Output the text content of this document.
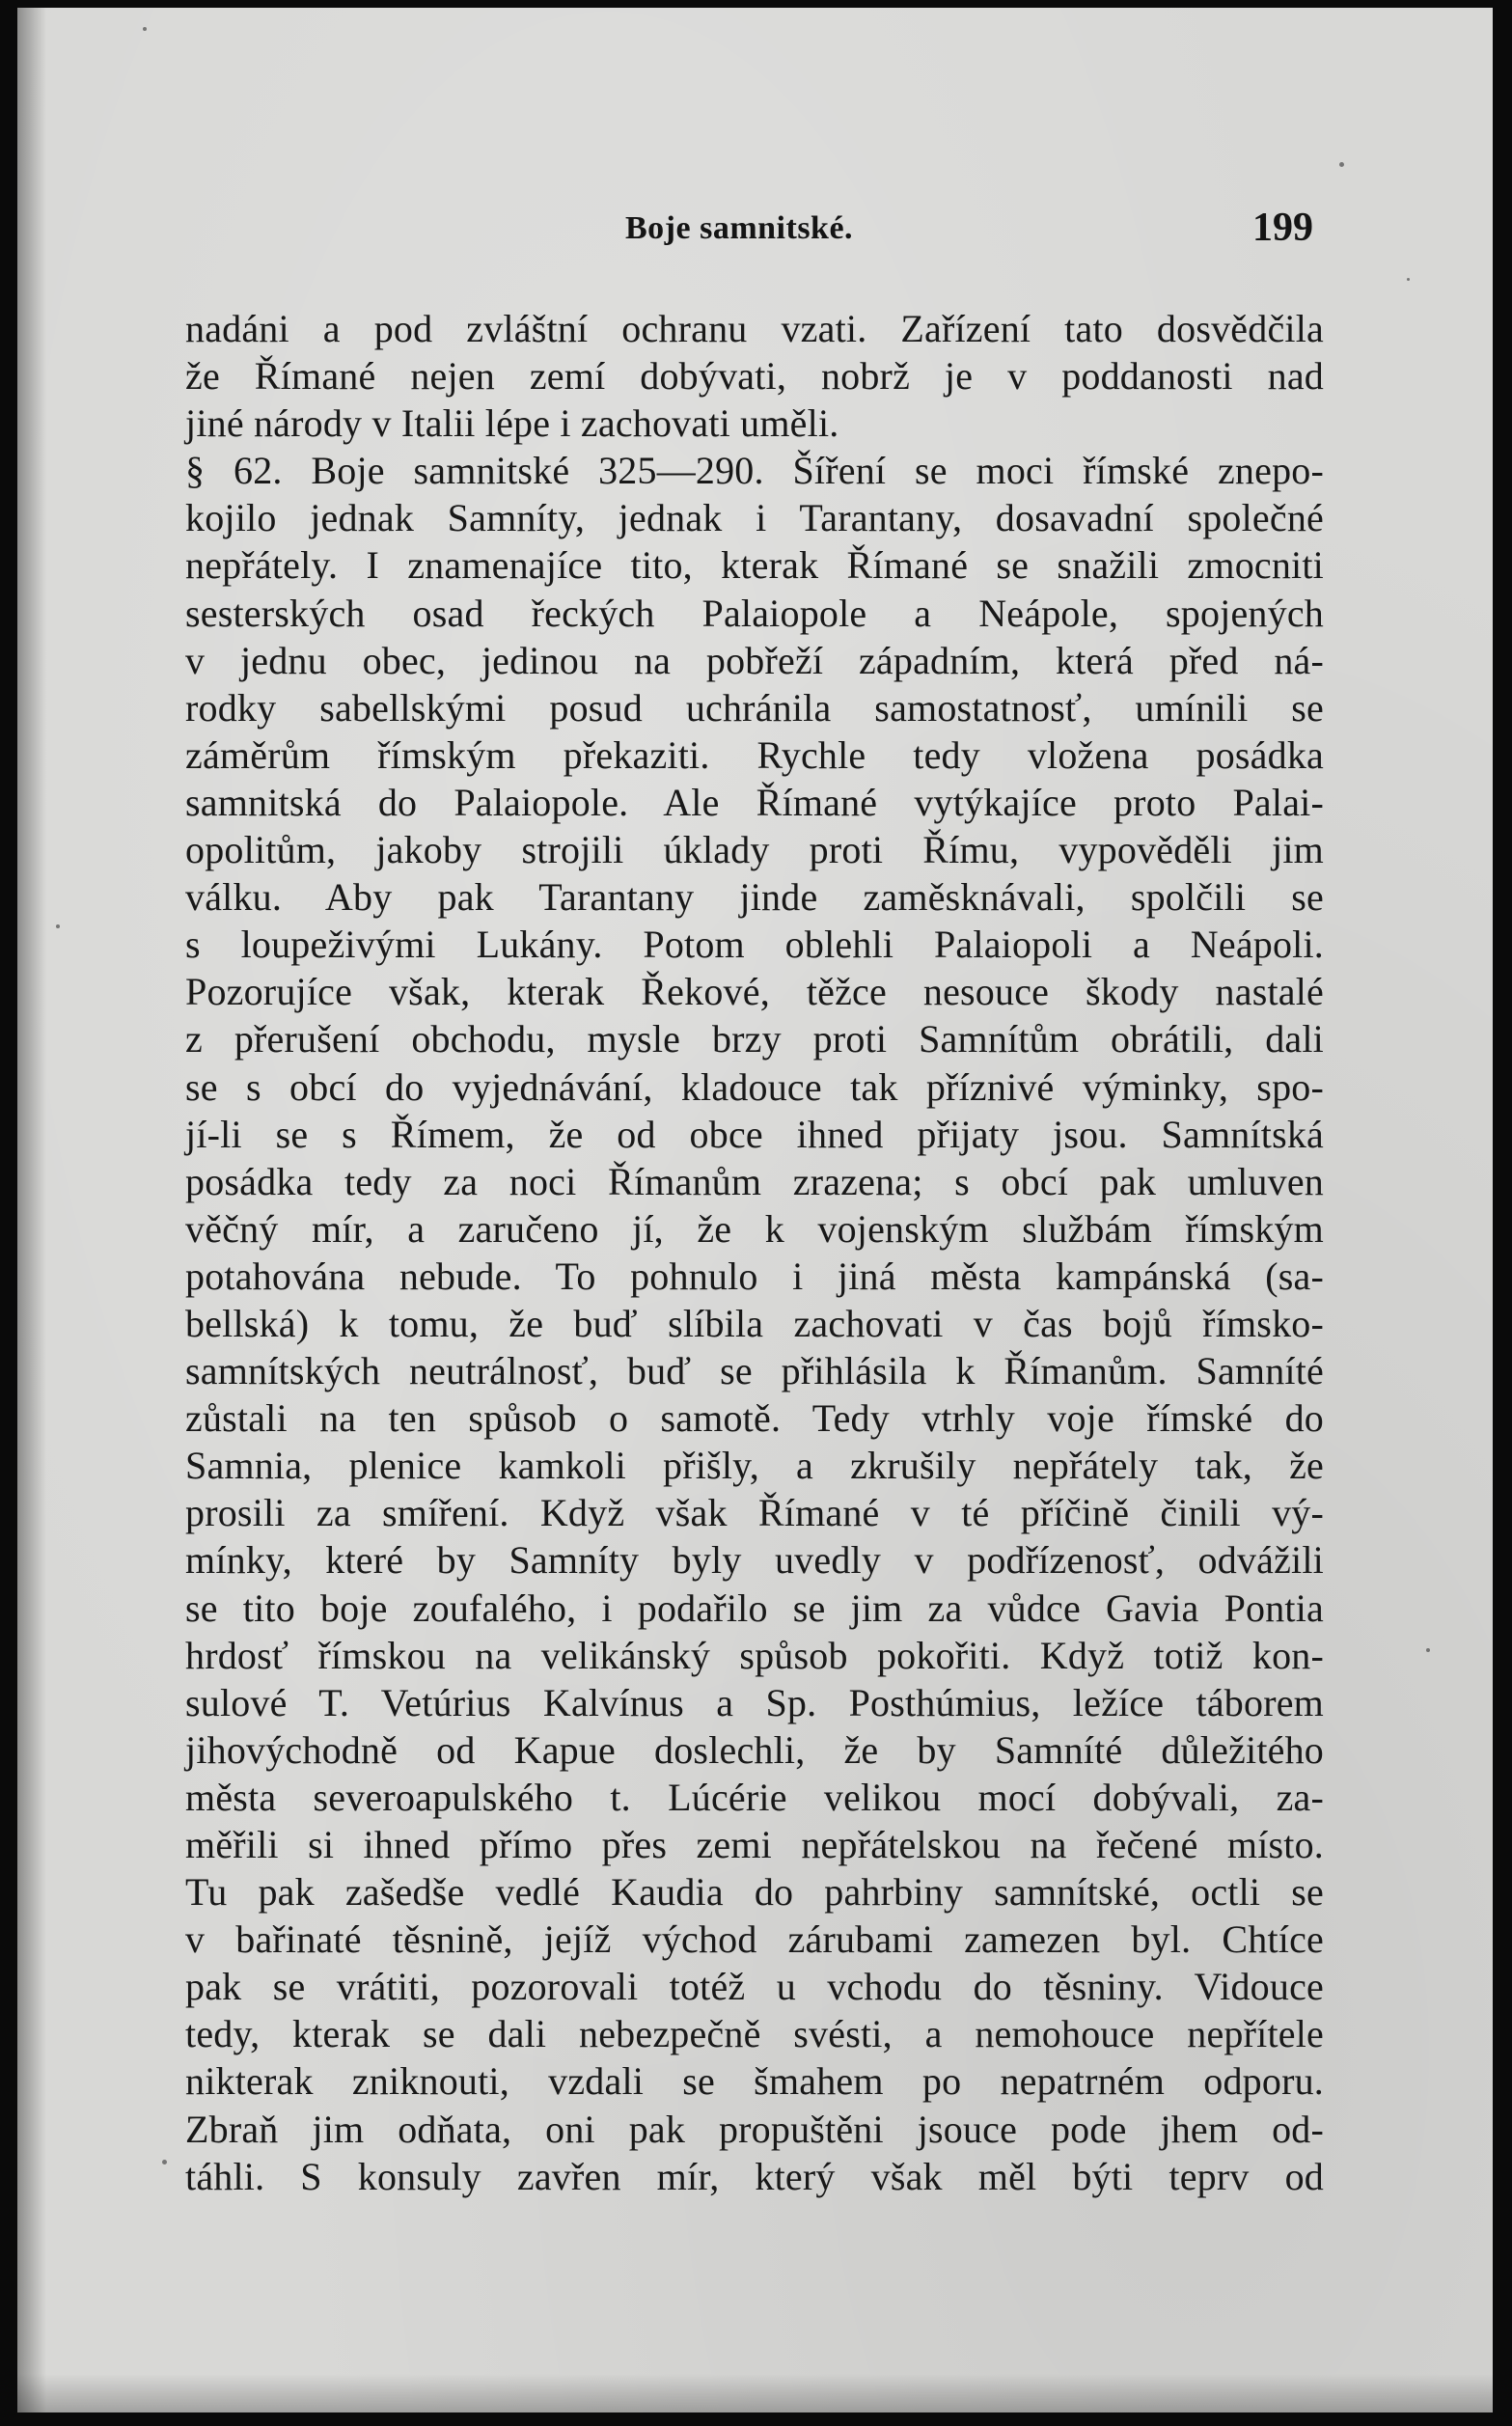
Boje samnitské.	199
nadáni a pod zvláštní ochranu vzati. Zařízení tato dosvědčila
že Římané nejen zemí dobývati, nobrž je v poddanosti nad
jiné národy v Italii lépe i zachovati uměli.
§ 62. Boje samnitské 325—290. Šíření se moci římské znepo-
kojilo jednak Samníty, jednak i Tarantany, dosavadní společné
nepřátely. I znamenajíce tito, kterak Římané se snažili zmocniti
sesterských osad řeckých Palaiopole a Neápole, spojených
v jednu obec, jedinou na pobřeží západním, která před ná-
rodky sabellskými posud uchránila samostatnosť, umínili se
záměrům římským překaziti. Rychle tedy vložena posádka
samnitská do Palaiopole. Ale Římané vytýkajíce proto Palai-
opolitům, jakoby strojili úklady proti Římu, vypověděli jim
válku. Aby pak Tarantany jinde zaměsknávali, spolčili se
s loupeživými Lukány. Potom oblehli Palaiopoli a Neápoli.
Pozorujíce však, kterak Řekové, těžce nesouce škody nastalé
z přerušení obchodu, mysle brzy proti Samnítům obrátili, dali
se s obcí do vyjednávání, kladouce tak příznivé výminky, spo-
jí-li se s Římem, že od obce ihned přijaty jsou. Samnítská
posádka tedy za noci Římanům zrazena; s obcí pak umluven
věčný mír, a zaručeno jí, že k vojenským službám římským
potahována nebude. To pohnulo i jiná města kampánská (sa-
bellská) k tomu, že buď slíbila zachovati v čas bojů římsko-
samnítských neutrálnosť, buď se přihlásila k Římanům. Samníté
zůstali na ten spůsob o samotě. Tedy vtrhly voje římské do
Samnia, plenice kamkoli přišly, a zkrušily nepřátely tak, že
prosili za smíření. Když však Římané v té příčině činili vý-
mínky, které by Samníty byly uvedly v podřízenosť, odvážili
se tito boje zoufalého, i podařilo se jim za vůdce Gavia Pontia
hrdosť římskou na velikánský spůsob pokořiti. Když totiž kon-
sulové T. Vetúrius Kalvínus a Sp. Posthúmius, ležíce táborem
jihovýchodně od Kapue doslechli, že by Samníté důležitého
města severoapulského t. Lúcérie velikou mocí dobývali, za-
měřili si ihned přímo přes zemi nepřátelskou na řečené místo.
Tu pak zašedše vedlé Kaudia do pahrbiny samnítské, octli se
v bařinaté těsnině, jejíž východ zárubami zamezen byl. Chtíce
pak se vrátiti, pozorovali totéž u vchodu do těsniny. Vidouce
tedy, kterak se dali nebezpečně svésti, a nemohouce nepřítele
nikterak zniknouti, vzdali se šmahem po nepatrném odporu.
Zbraň jim odňata, oni pak propuštěni jsouce pode jhem od-
táhli. S konsuly zavřen mír, který však měl býti teprv od
